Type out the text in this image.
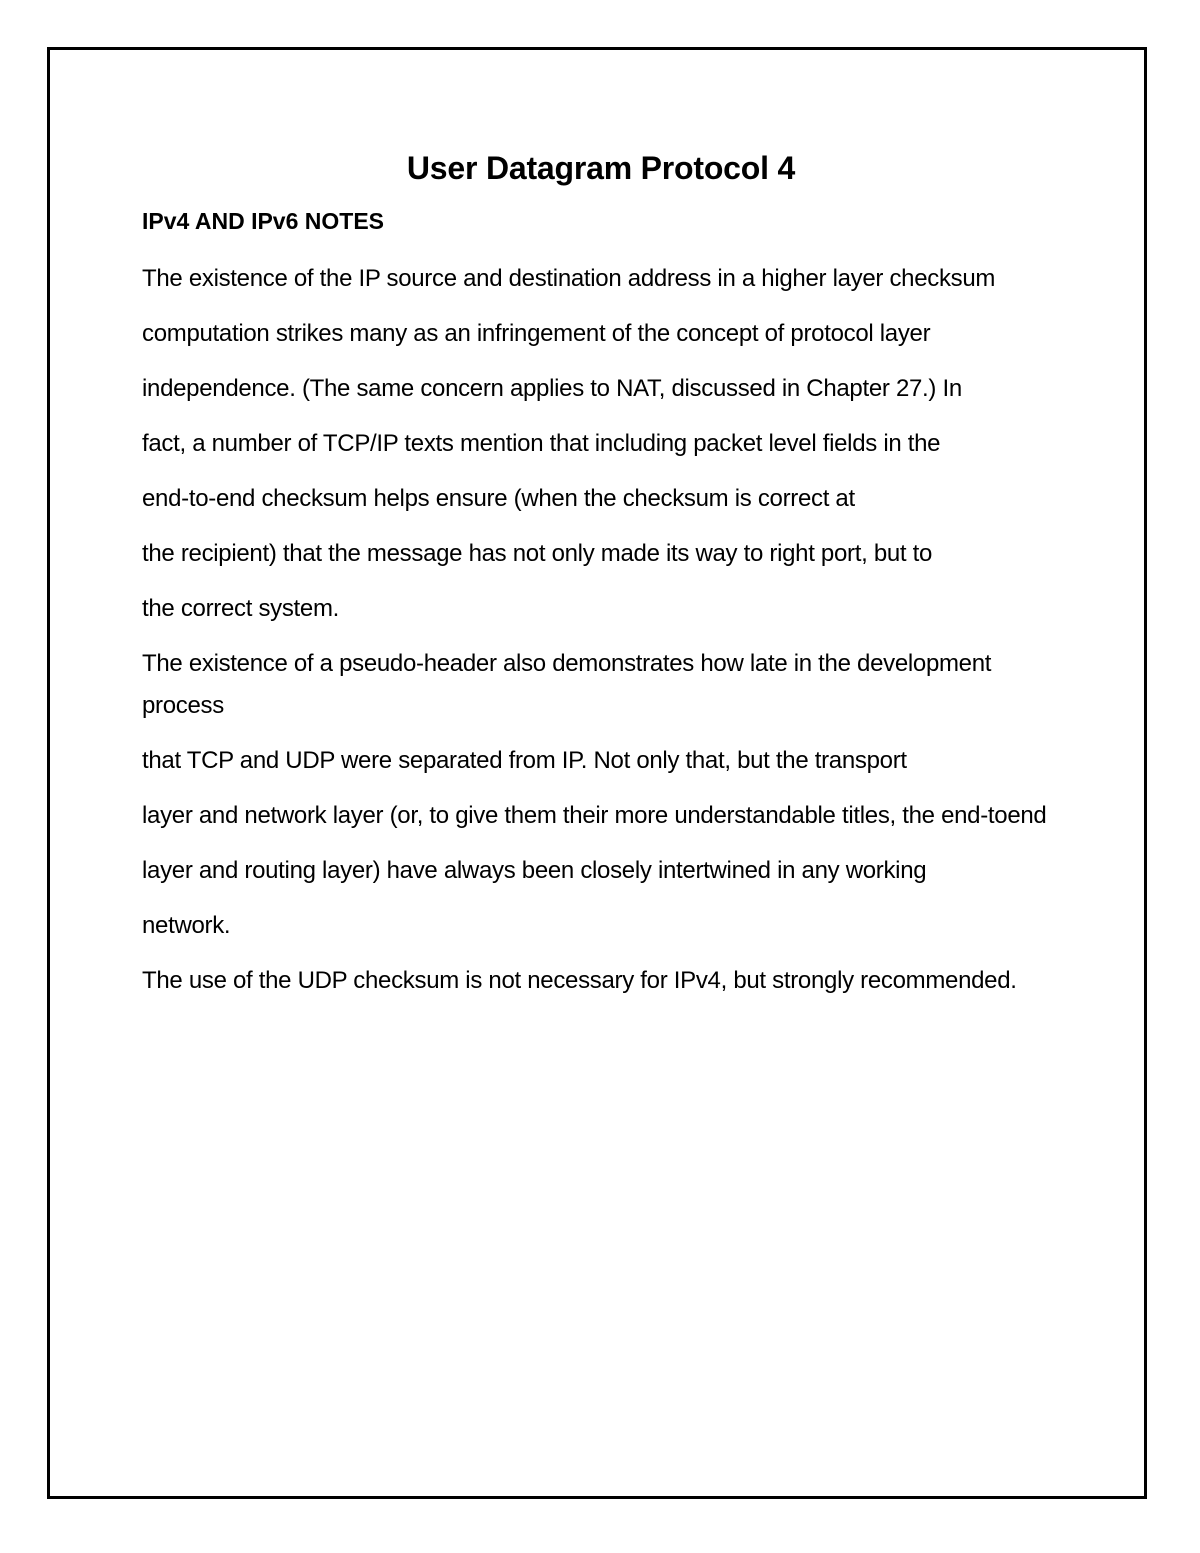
User Datagram Protocol 4
IPv4 AND IPv6 NOTES

The existence of the IP source and destination address in a higher layer checksum

computation strikes many as an infringement of the concept of protocol layer

independence. (The same concern applies to NAT, discussed in Chapter 27.) In

fact, a number of TCP/IP texts mention that including packet level fields in the

end-to-end checksum helps ensure (when the checksum is correct at

the recipient) that the message has not only made its way to right port, but to

the correct system.

The existence of a pseudo-header also demonstrates how late in the development process

that TCP and UDP were separated from IP. Not only that, but the transport

layer and network layer (or, to give them their more understandable titles, the end-toend

layer and routing layer) have always been closely intertwined in any working

network.

The use of the UDP checksum is not necessary for IPv4, but strongly recommended.
